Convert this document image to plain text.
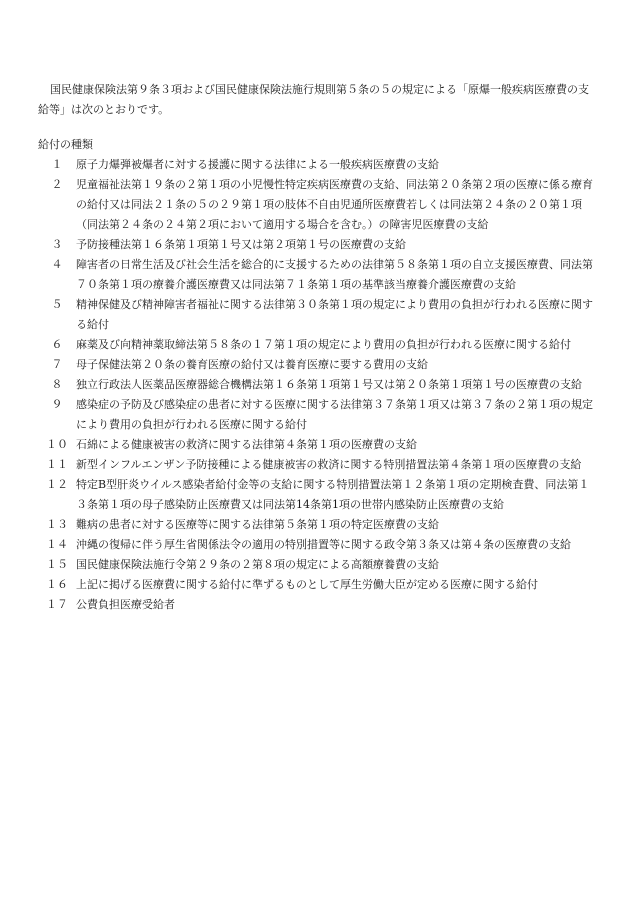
国民健康保険法第９条３項および国民健康保険法施行規則第５条の５の規定による「原爆一般疾病医療費の支給等」は次のとおりです。

給付の種類
１	原子力爆弾被爆者に対する援護に関する法律による一般疾病医療費の支給
２	児童福祉法第１９条の２第１項の小児慢性特定疾病医療費の支給、同法第２０条第２項の医療に係る療育の給付又は同法２１条の５の２９第１項の肢体不自由児通所医療費若しくは同法第２４条の２０第１項（同法第２４条の２４第２項において適用する場合を含む。）の障害児医療費の支給
３	予防接種法第１６条第１項第１号又は第２項第１号の医療費の支給
４	障害者の日常生活及び社会生活を総合的に支援するための法律第５８条第１項の自立支援医療費、同法第７０条第１項の療養介護医療費又は同法第７１条第１項の基準該当療養介護医療費の支給
５	精神保健及び精神障害者福祉に関する法律第３０条第１項の規定により費用の負担が行われる医療に関する給付
６	麻薬及び向精神薬取締法第５８条の１７第１項の規定により費用の負担が行われる医療に関する給付
７	母子保健法第２０条の養育医療の給付又は養育医療に要する費用の支給
８	独立行政法人医薬品医療器総合機構法第１６条第１項第１号又は第２０条第１項第１号の医療費の支給
９	感染症の予防及び感染症の患者に対する医療に関する法律第３７条第１項又は第３７条の２第１項の規定により費用の負担が行われる医療に関する給付
１０ 石綿による健康被害の救済に関する法律第４条第１項の医療費の支給
１１ 新型インフルエンザン予防接種による健康被害の救済に関する特別措置法第４条第１項の医療費の支給
１２ 特定B型肝炎ウイルス感染者給付金等の支給に関する特別措置法第１２条第１項の定期検査費、同法第１３条第１項の母子感染防止医療費又は同法第14条第1項の世帯内感染防止医療費の支給
１３ 難病の患者に対する医療等に関する法律第５条第１項の特定医療費の支給
１４ 沖縄の復帰に伴う厚生省関係法令の適用の特別措置等に関する政令第３条又は第４条の医療費の支給
１５ 国民健康保険法施行令第２９条の２第８項の規定による高額療養費の支給
１６ 上記に掲げる医療費に関する給付に準ずるものとして厚生労働大臣が定める医療に関する給付
１７ 公費負担医療受給者
